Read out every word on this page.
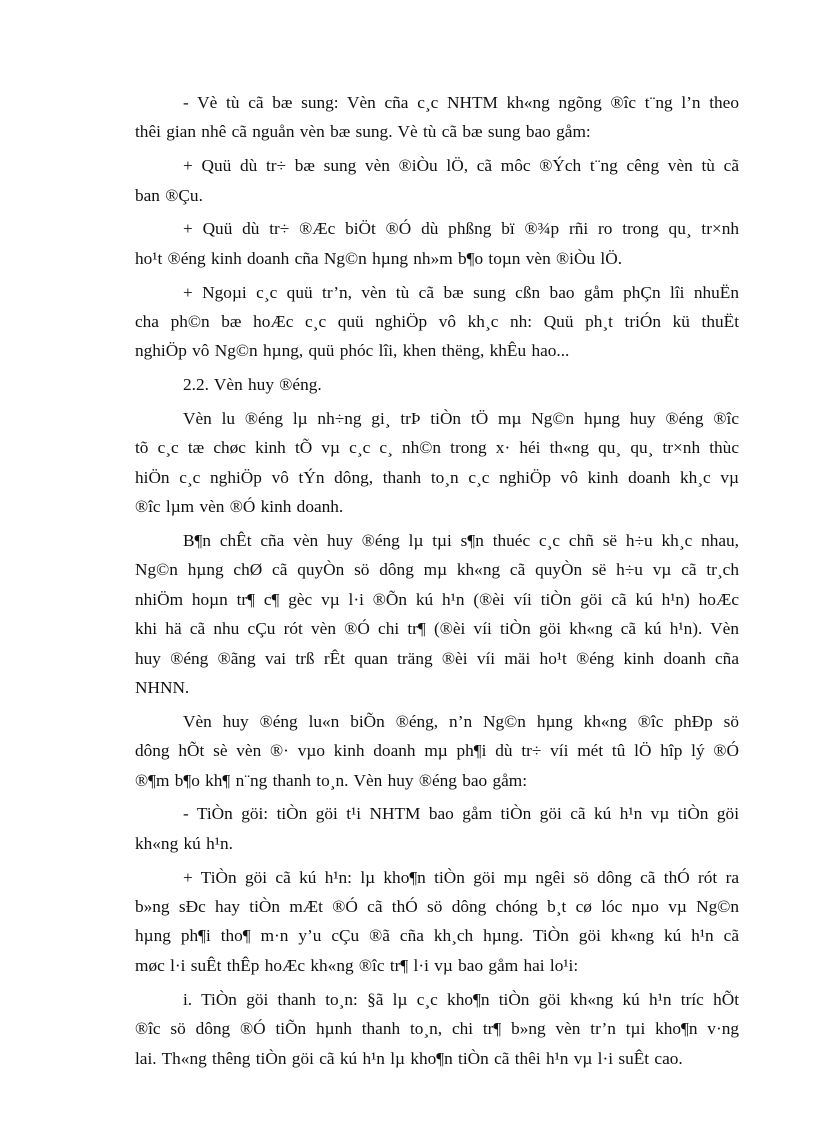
- Vè tù cã bæ sung: Vèn cña c¸c NHTM kh«ng ngõng ®îc t¨ng l’n theo
thêi gian nhê cã nguån vèn bæ sung. Vè tù cã bæ sung bao gåm:
+ Quü dù tr÷ bæ sung vèn ®iÒu lÖ, cã môc ®Ých t¨ng cêng vèn tù cã
ban ®Çu.
+ Quü dù tr÷ ®Æc biÖt ®Ó dù phßng bï ®¾p rñi ro trong qu¸ tr×nh
ho¹t ®éng kinh doanh cña Ng©n hµng nh»m b¶o toµn vèn ®iÒu lÖ.
+ Ngoµi c¸c quü tr’n, vèn tù cã bæ sung cßn bao gåm phÇn lîi nhuËn
cha ph©n bæ hoÆc c¸c quü nghiÖp vô kh¸c nh: Quü ph¸t triÓn kü thuËt
nghiÖp vô Ng©n hµng, quü phóc lîi, khen thëng, khÊu hao...
2.2. Vèn huy ®éng.
Vèn lu ®éng lµ nh÷ng gi¸ trÞ tiÒn tÖ mµ Ng©n hµng huy ®éng ®îc
tõ c¸c tæ chøc kinh tÕ vµ c¸c c¸ nh©n trong x· héi th«ng qu¸ qu¸ tr×nh thùc
hiÖn c¸c nghiÖp vô tÝn dông, thanh to¸n c¸c nghiÖp vô kinh doanh kh¸c vµ
®îc lµm vèn ®Ó kinh doanh.
B¶n chÊt cña vèn huy ®éng lµ tµi s¶n thuéc c¸c chñ së h÷u kh¸c nhau,
Ng©n hµng chØ cã quyÒn sö dông mµ kh«ng cã quyÒn së h÷u vµ cã tr¸ch
nhiÖm hoµn tr¶ c¶ gèc vµ l·i ®Õn kú h¹n (®èi víi tiÒn göi cã kú h¹n) hoÆc
khi hä cã nhu cÇu rót vèn ®Ó chi tr¶ (®èi víi tiÒn göi kh«ng cã kú h¹n). Vèn
huy ®éng ®ãng vai trß rÊt quan träng ®èi víi mäi ho¹t ®éng kinh doanh cña
NHNN.
Vèn huy ®éng lu«n biÕn ®éng, n’n Ng©n hµng kh«ng ®îc phÐp sö
dông hÕt sè vèn ®· vµo kinh doanh mµ ph¶i dù tr÷ víi mét tû lÖ hîp lý ®Ó
®¶m b¶o kh¶ n¨ng thanh to¸n. Vèn huy ®éng bao gåm:
- TiÒn göi: tiÒn göi t¹i NHTM bao gåm tiÒn göi cã kú h¹n vµ tiÒn göi
kh«ng kú h¹n.
+ TiÒn göi cã kú h¹n: lµ kho¶n tiÒn göi mµ ngêi sö dông cã thÓ rót ra
b»ng sÐc hay tiÒn mÆt ®Ó cã thÓ sö dông chóng b¸t cø lóc nµo vµ Ng©n
hµng ph¶i tho¶ m·n y’u cÇu ®ã cña kh¸ch hµng. TiÒn göi kh«ng kú h¹n cã
møc l·i suÊt thÊp hoÆc kh«ng ®îc tr¶ l·i vµ bao gåm hai lo¹i:
i. TiÒn göi thanh to¸n: §ã lµ c¸c kho¶n tiÒn göi kh«ng kú h¹n tríc hÕt
®îc sö dông ®Ó tiÕn hµnh thanh to¸n, chi tr¶ b»ng vèn tr’n tµi kho¶n v·ng
lai. Th«ng thêng tiÒn göi cã kú h¹n lµ kho¶n tiÒn cã thêi h¹n vµ l·i suÊt cao.
